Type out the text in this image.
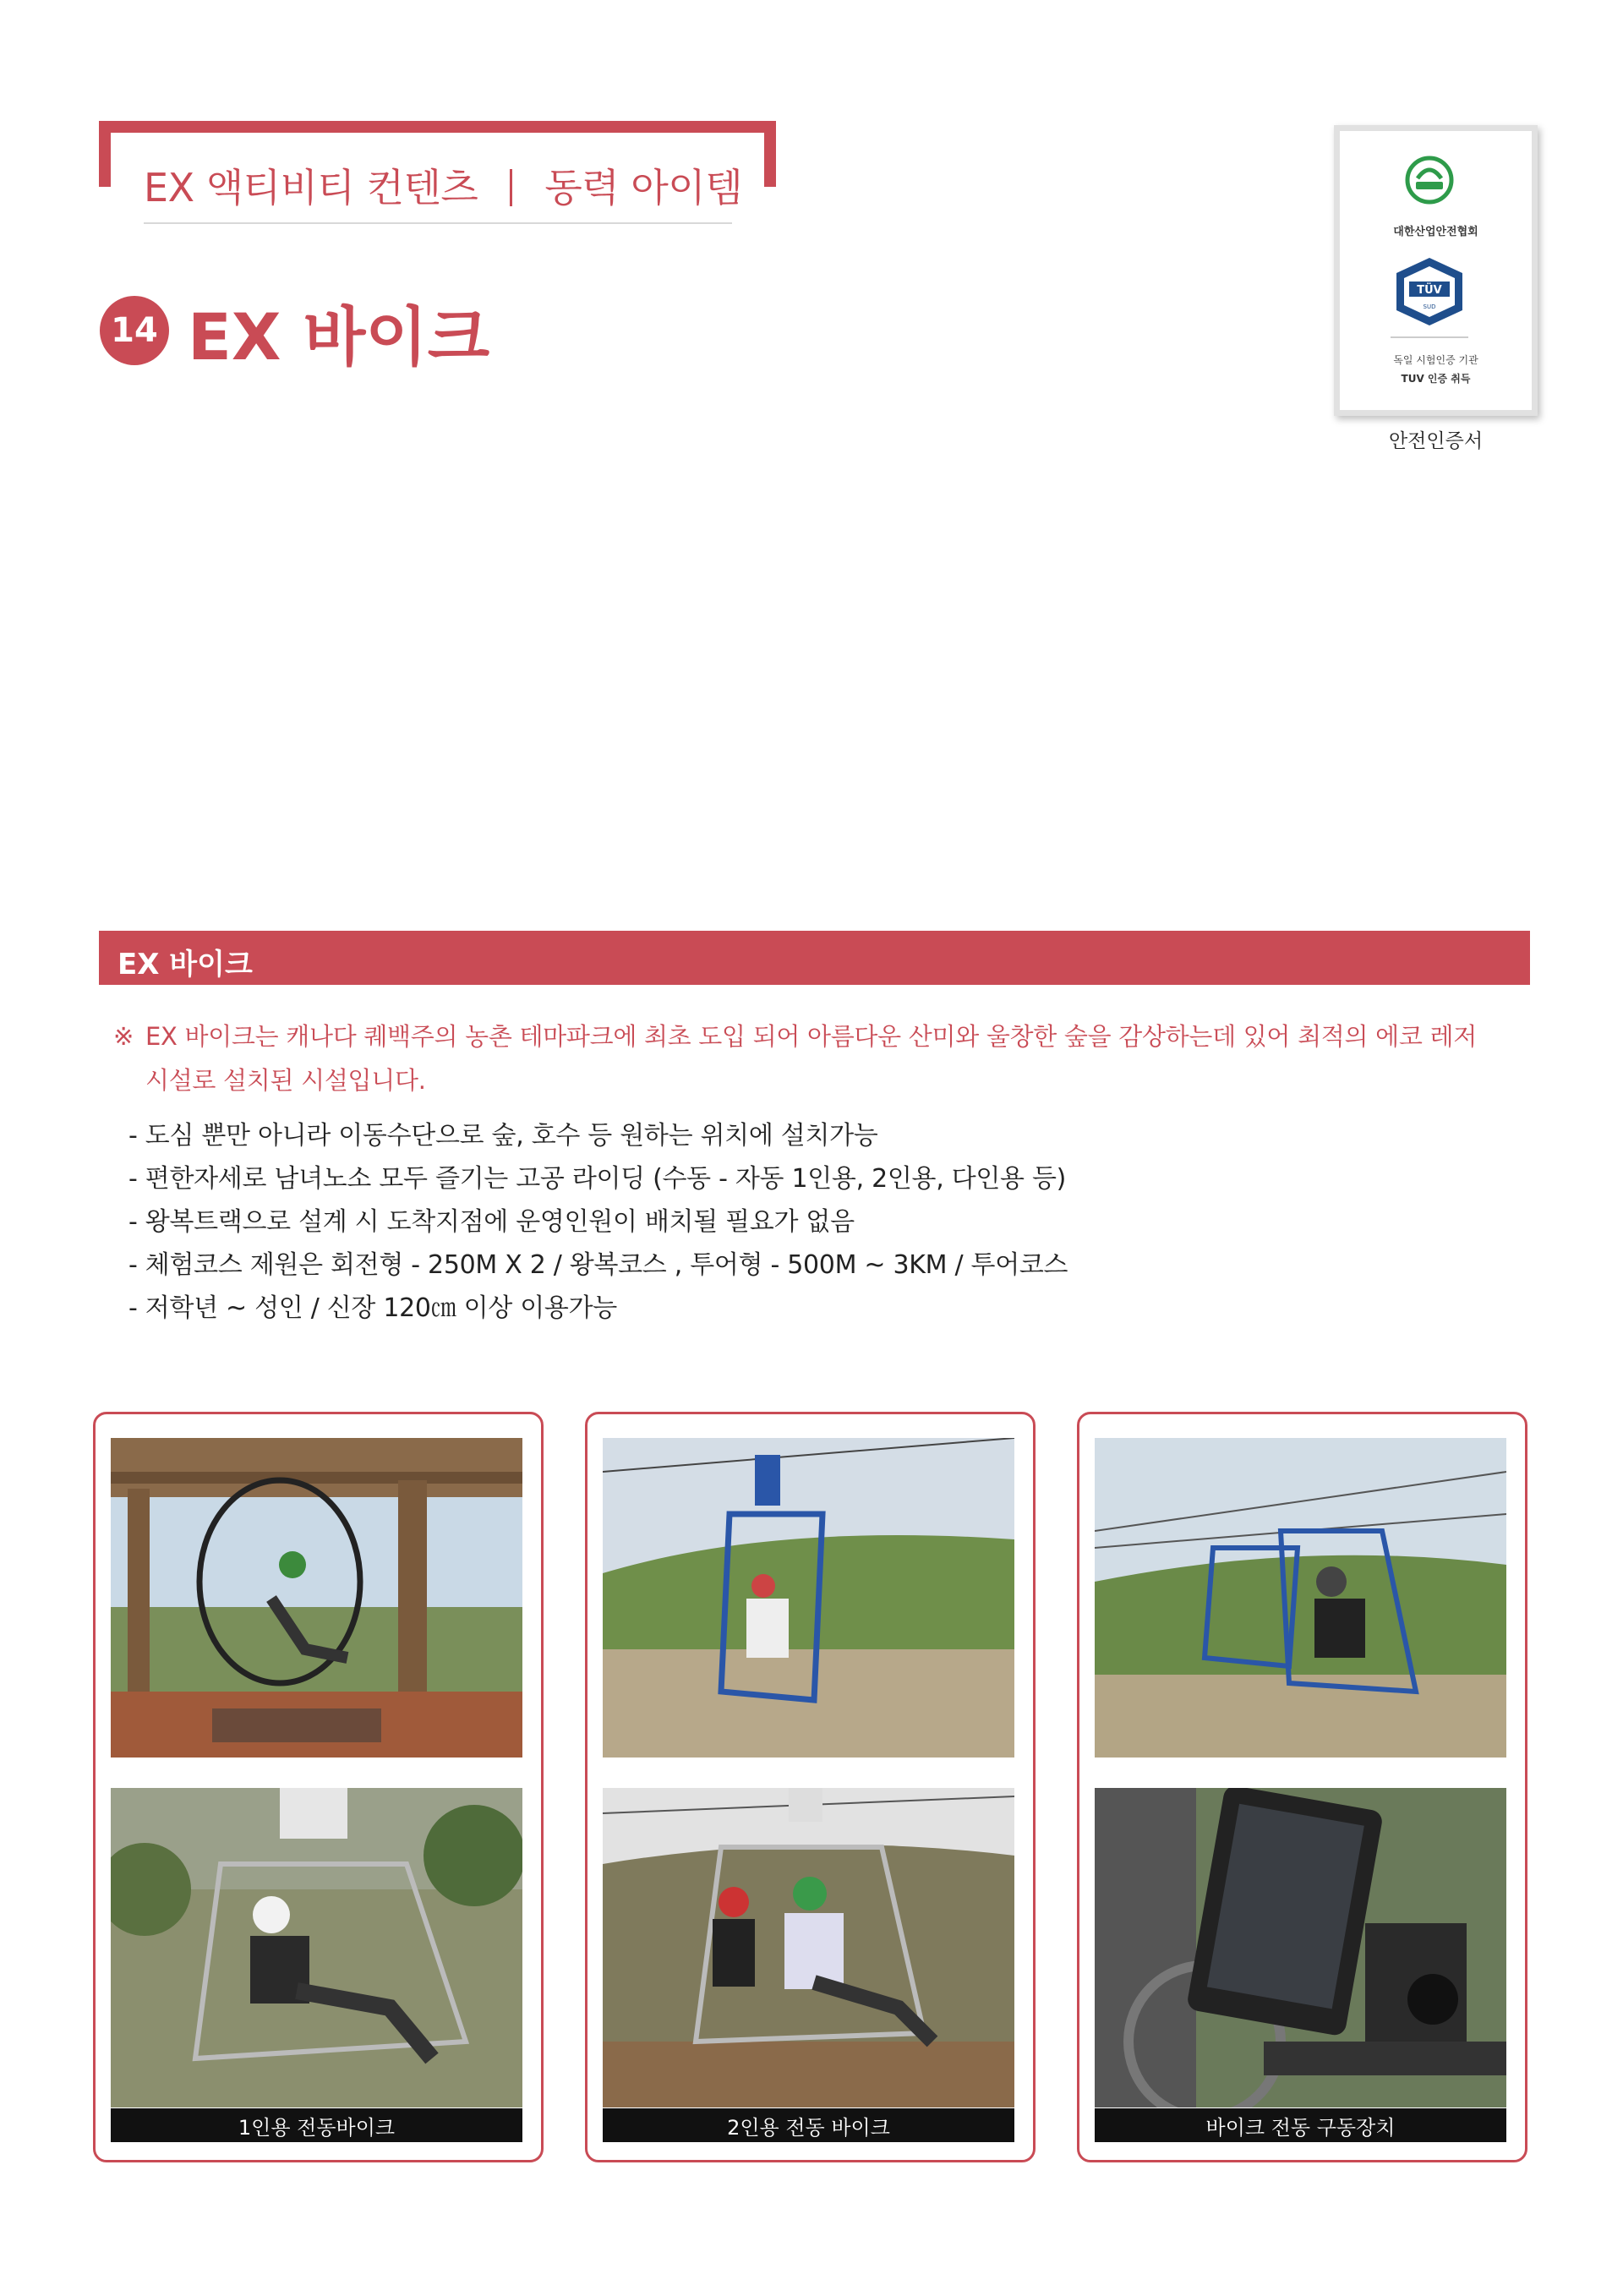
EX 액티비티 컨텐츠 동력 아이템
14 EX 바이크
TÜV
SUD
대한산업안전협회
독일 시험인증 기관
TUV 인증 취득
안전인증서
EX 바이크
※ EX 바이크는 캐나다 퀘백주의 농촌 테마파크에 최초 도입 되어 아름다운 산미와 울창한 숲을 감상하는데 있어 최적의 에코 레저
시설로 설치된 시설입니다.
- 도심 뿐만 아니라 이동수단으로 숲, 호수 등 원하는 위치에 설치가능
- 편한자세로 남녀노소 모두 즐기는 고공 라이딩 (수동 - 자동 1인용, 2인용, 다인용 등)
- 왕복트랙으로 설계 시 도착지점에 운영인원이 배치될 필요가 없음
- 체험코스 제원은 회전형 - 250M X 2 / 왕복코스 , 투어형 - 500M ~ 3KM / 투어코스
- 저학년 ~ 성인 / 신장 120㎝ 이상 이용가능
1인용 전동바이크	2인용 전동 바이크	바이크 전동 구동장치
